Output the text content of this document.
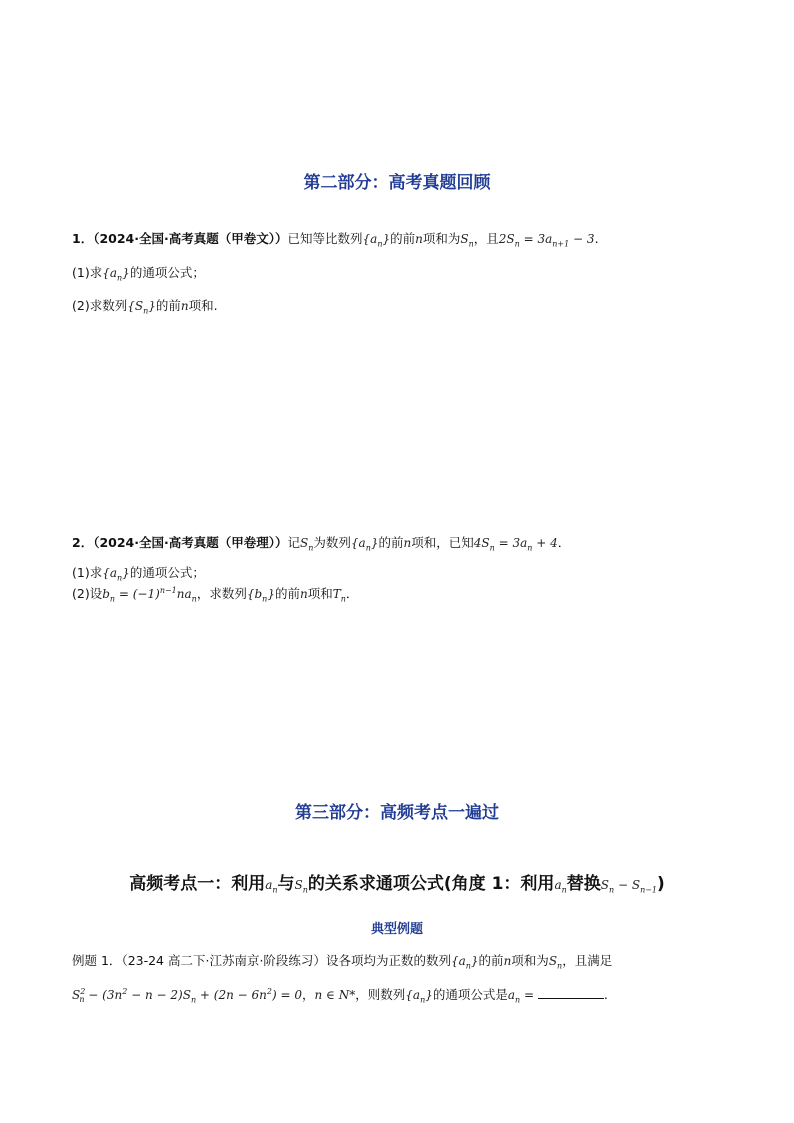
第二部分：高考真题回顾
1．（2024·全国·高考真题（甲卷文））已知等比数列$\{a_n\}$的前n项和为$S_n$，且$2S_n = 3a_{n+1} - 3$.
(1)求$\{a_n\}$的通项公式；
(2)求数列$\{S_n\}$的前n项和.
2．（2024·全国·高考真题（甲卷理））记$S_n$为数列$\{a_n\}$的前n项和，已知$4S_n = 3a_n + 4$．
(1)求$\{a_n\}$的通项公式；
(2)设$b_n = (-1)^{n-1}na_n$，求数列$\{b_n\}$的前n项和$T_n$．
第三部分：高频考点一遍过
高频考点一：利用$a_n$与$S_n$的关系求通项公式(角度 1：利用$a_n$替换$S_n - S_{n-1}$)
典型例题
例题 1．（23-24 高二下·江苏南京·阶段练习）设各项均为正数的数列$\{a_n\}$的前n项和为$S_n$，且满足
$S^2_n - (3n^2 - n - 2)S_n + (2n - 6n^2) = 0$，n ∈ N*，则数列$\{a_n\}$的通项公式是$a_n$ =	.
